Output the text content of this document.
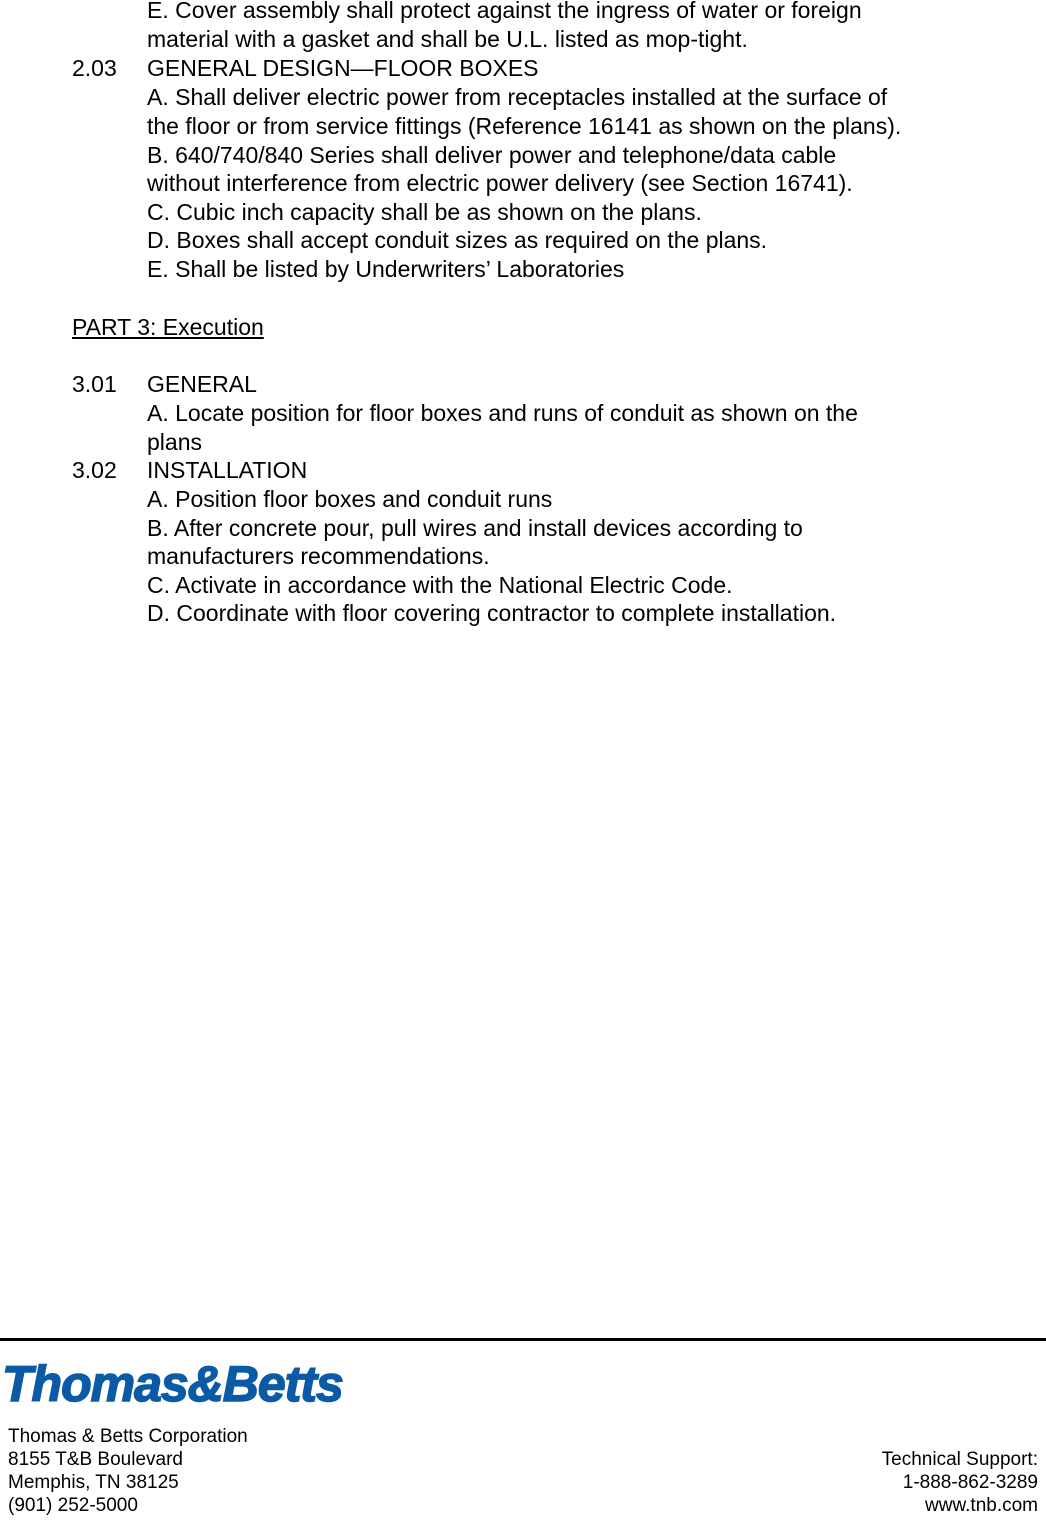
E. Cover assembly shall protect against the ingress of water or foreign
material with a gasket and shall be U.L. listed as mop-tight.
2.03 GENERAL DESIGN—FLOOR BOXES
A. Shall deliver electric power from receptacles installed at the surface of
the floor or from service fittings (Reference 16141 as shown on the plans).
B. 640/740/840 Series shall deliver power and telephone/data cable
without interference from electric power delivery (see Section 16741).
C. Cubic inch capacity shall be as shown on the plans.
D. Boxes shall accept conduit sizes as required on the plans.
E. Shall be listed by Underwriters’ Laboratories
PART 3: Execution
3.01 GENERAL
A. Locate position for floor boxes and runs of conduit as shown on the
plans
3.02 INSTALLATION
A. Position floor boxes and conduit runs
B. After concrete pour, pull wires and install devices according to
manufacturers recommendations.
C. Activate in accordance with the National Electric Code.
D. Coordinate with floor covering contractor to complete installation.
Thomas&Betts
Thomas & Betts Corporation
8155 T&B Boulevard
Memphis, TN 38125
(901) 252-5000
Technical Support:
1-888-862-3289
www.tnb.com
